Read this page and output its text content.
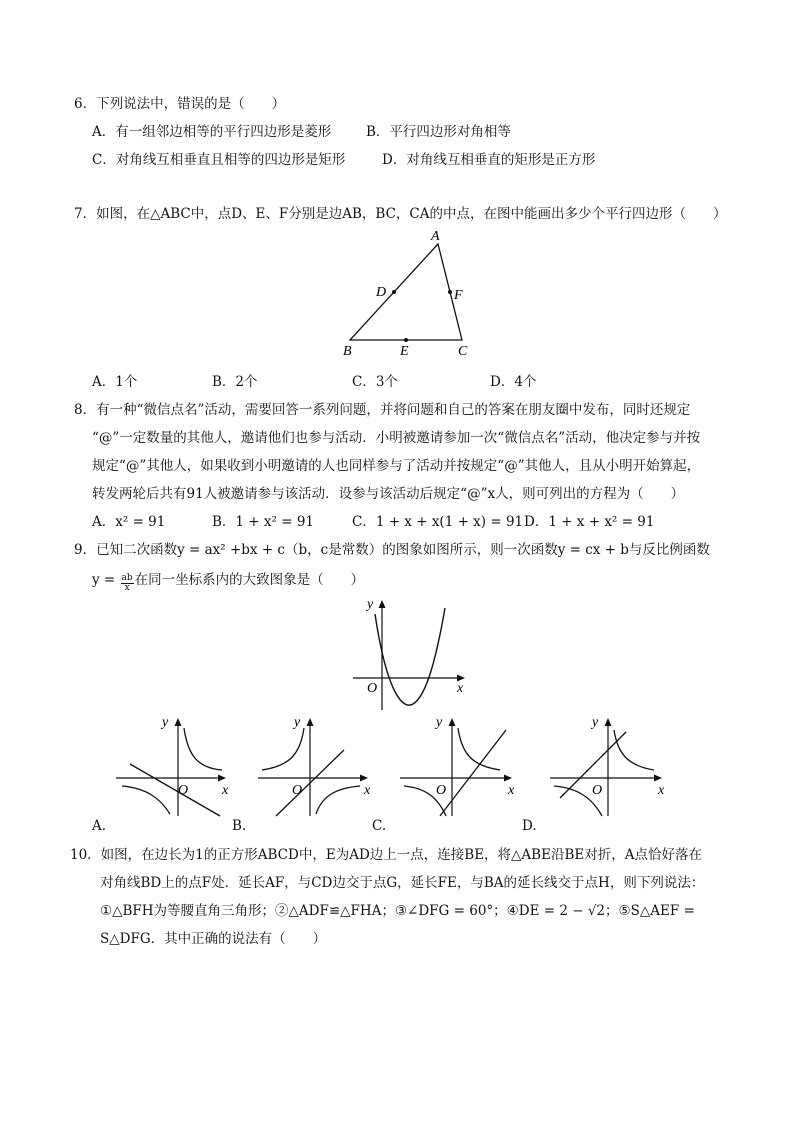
6．下列说法中，错误的是（　　）
A．有一组邻边相等的平行四边形是菱形	B．平行四边形对角相等
C．对角线互相垂直且相等的四边形是矩形	D．对角线互相垂直的矩形是正方形
7．如图，在△ABC中，点D、E、F分别是边AB，BC，CA的中点，在图中能画出多少个平行四边形（　　）
A
B	C
D
E
F
A．1个	B．2个	C．3个	D．4个
8．有一种“微信点名”活动，需要回答一系列问题，并将问题和自己的答案在朋友圈中发布，同时还规定
“@”一定数量的其他人，邀请他们也参与活动．小明被邀请参加一次“微信点名”活动，他决定参与并按
规定“@”其他人，如果收到小明邀请的人也同样参与了活动并按规定“@”其他人，且从小明开始算起，
转发两轮后共有91人被邀请参与该活动．设参与该活动后规定“@”x人，则可列出的方程为（　　）
A．x² = 91	B．1 + x² = 91	C．1 + x + x(1 + x) = 91 D．1 + x + x² = 91
9．已知二次函数y = ax² +bx + c（b，c是常数）的图象如图所示，则一次函数y = cx + b与反比例函数
$y = \frac{ab}{x}$ 在同一坐标系内的大致图象是（　　）
x
y
O
x
y
O
A.
x
y
O
B.
x
y
O
C.
x
y
O
D.
10．如图，在边长为1的正方形ABCD中，E为AD边上一点，连接BE，将△ABE沿BE对折，A点恰好落在
对角线BD上的点F处．延长AF，与CD边交于点G，延长FE，与BA的延长线交于点H，则下列说法：
①△BFH为等腰直角三角形；②△ADF≌△FHA；③∠DFG = 60°；④DE = 2 − √2；⑤S△AEF =
S△DFG．其中正确的说法有（　　）
